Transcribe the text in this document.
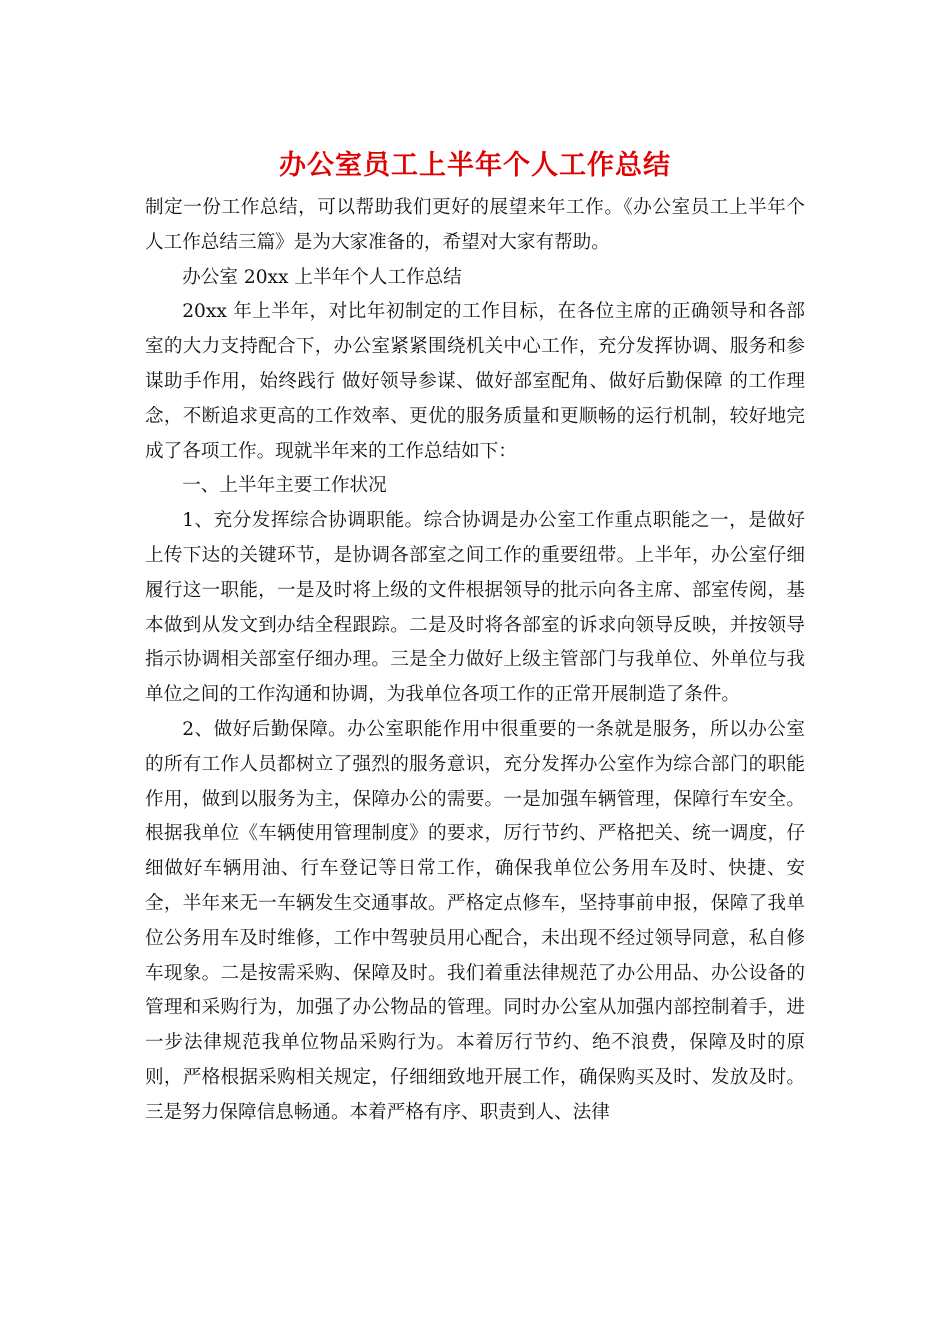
办公室员工上半年个人工作总结

制定一份工作总结，可以帮助我们更好的展望来年工作。《办公室员工上半年个人工作总结三篇》是为大家准备的，希望对大家有帮助。

办公室 20xx 上半年个人工作总结

20xx 年上半年，对比年初制定的工作目标，在各位主席的正确领导和各部室的大力支持配合下，办公室紧紧围绕机关中心工作，充分发挥协调、服务和参谋助手作用，始终践行 做好领导参谋、做好部室配角、做好后勤保障 的工作理念，不断追求更高的工作效率、更优的服务质量和更顺畅的运行机制，较好地完成了各项工作。现就半年来的工作总结如下：

一、上半年主要工作状况

1、充分发挥综合协调职能。综合协调是办公室工作重点职能之一，是做好上传下达的关键环节，是协调各部室之间工作的重要纽带。上半年，办公室仔细履行这一职能，一是及时将上级的文件根据领导的批示向各主席、部室传阅，基本做到从发文到办结全程跟踪。二是及时将各部室的诉求向领导反映，并按领导指示协调相关部室仔细办理。三是全力做好上级主管部门与我单位、外单位与我单位之间的工作沟通和协调，为我单位各项工作的正常开展制造了条件。

2、做好后勤保障。办公室职能作用中很重要的一条就是服务，所以办公室的所有工作人员都树立了强烈的服务意识，充分发挥办公室作为综合部门的职能作用，做到以服务为主，保障办公的需要。一是加强车辆管理，保障行车安全。根据我单位《车辆使用管理制度》的要求，厉行节约、严格把关、统一调度，仔细做好车辆用油、行车登记等日常工作，确保我单位公务用车及时、快捷、安全，半年来无一车辆发生交通事故。严格定点修车，坚持事前申报，保障了我单位公务用车及时维修，工作中驾驶员用心配合，未出现不经过领导同意，私自修车现象。二是按需采购、保障及时。我们着重法律规范了办公用品、办公设备的管理和采购行为，加强了办公物品的管理。同时办公室从加强内部控制着手，进一步法律规范我单位物品采购行为。本着厉行节约、绝不浪费，保障及时的原则，严格根据采购相关规定，仔细细致地开展工作，确保购买及时、发放及时。三是努力保障信息畅通。本着严格有序、职责到人、法律
